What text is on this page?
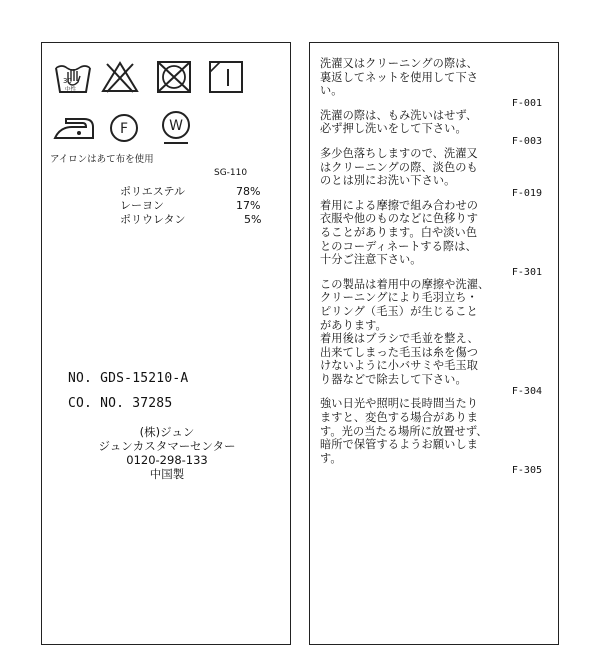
30
中性
F	W
アイロンはあて布を使用
SG-110
ポリエステル	78%
レーヨン	17%
ポリウレタン	5%
NO. GDS-15210-A
CO. NO. 37285
(株)ジュン
ジュンカスタマーセンター
0120-298-133
中国製
洗濯又はクリーニングの際は、
裏返してネットを使用して下さ
い。
F-001
洗濯の際は、もみ洗いはせず、
必ず押し洗いをして下さい。
F-003
多少色落ちしますので、洗濯又
はクリーニングの際、淡色のも
のとは別にお洗い下さい。
F-019
着用による摩擦で組み合わせの
衣服や他のものなどに色移りす
ることがあります。白や淡い色
とのコーディネートする際は、
十分ご注意下さい。
F-301
この製品は着用中の摩擦や洗濯、
クリーニングにより毛羽立ち・
ピリング（毛玉）が生じること
があります。
着用後はブラシで毛並を整え、
出来てしまった毛玉は糸を傷つ
けないように小バサミや毛玉取
り器などで除去して下さい。
F-304
強い日光や照明に長時間当たり
ますと、変色する場合がありま
す。光の当たる場所に放置せず、
暗所で保管するようお願いしま
す。
F-305
